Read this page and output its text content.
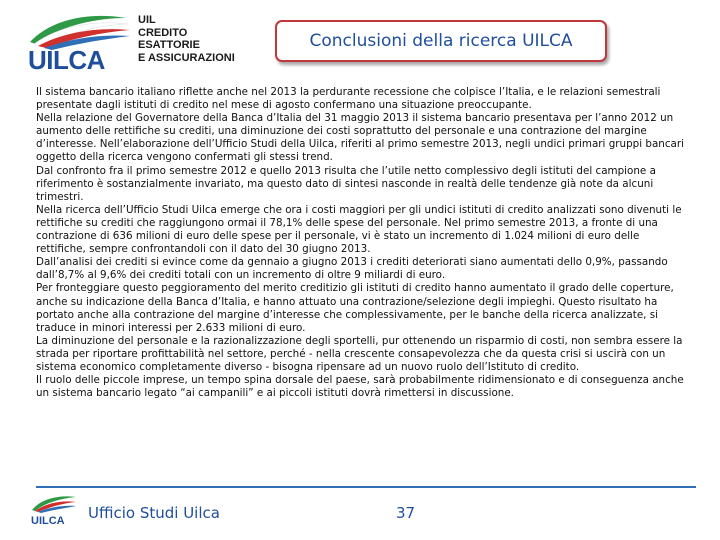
UILCA
UIL
CREDITO
ESATTORIE
E ASSICURAZIONI
Conclusioni della ricerca UILCA

Il sistema bancario italiano riflette anche nel 2013 la perdurante recessione che colpisce l’Italia, e le relazioni semestrali presentate dagli istituti di credito nel mese di agosto confermano una situazione preoccupante.

Nella relazione del Governatore della Banca d’Italia del 31 maggio 2013 il sistema bancario presentava per l’anno 2012 un aumento delle rettifiche su crediti, una diminuzione dei costi soprattutto del personale e una contrazione del margine d’interesse. Nell’elaborazione dell’Ufficio Studi della Uilca, riferiti al primo semestre 2013, negli undici primari gruppi bancari oggetto della ricerca vengono confermati gli stessi trend.

Dal confronto fra il primo semestre 2012 e quello 2013 risulta che l’utile netto complessivo degli istituti del campione a riferimento è sostanzialmente invariato, ma questo dato di sintesi nasconde in realtà delle tendenze già note da alcuni trimestri.

Nella ricerca dell’Ufficio Studi Uilca emerge che ora i costi maggiori per gli undici istituti di credito analizzati sono divenuti le rettifiche su crediti che raggiungono ormai il 78,1% delle spese del personale. Nel primo semestre 2013, a fronte di una contrazione di 636 milioni di euro delle spese per il personale, vi è stato un incremento di 1.024 milioni di euro delle rettifiche, sempre confrontandoli con il dato del 30 giugno 2013.

Dall’analisi dei crediti si evince come da gennaio a giugno 2013 i crediti deteriorati siano aumentati dello 0,9%, passando dall’8,7% al 9,6% dei crediti totali con un incremento di oltre 9 miliardi di euro.

Per fronteggiare questo peggioramento del merito creditizio gli istituti di credito hanno aumentato il grado delle coperture, anche su indicazione della Banca d’Italia, e hanno attuato una contrazione/selezione degli impieghi. Questo risultato ha portato anche alla contrazione del margine d’interesse che complessivamente, per le banche della ricerca analizzate, si traduce in minori interessi per 2.633 milioni di euro.

La diminuzione del personale e la razionalizzazione degli sportelli, pur ottenendo un risparmio di costi, non sembra essere la strada per riportare profittabilità nel settore, perché - nella crescente consapevolezza che da questa crisi si uscirà con un sistema economico completamente diverso - bisogna ripensare ad un nuovo ruolo dell’Istituto di credito.

Il ruolo delle piccole imprese, un tempo spina dorsale del paese, sarà probabilmente ridimensionato e di conseguenza anche un sistema bancario legato “ai campanili” e ai piccoli istituti dovrà rimettersi in discussione.

UILCA Ufficio Studi Uilca	37
